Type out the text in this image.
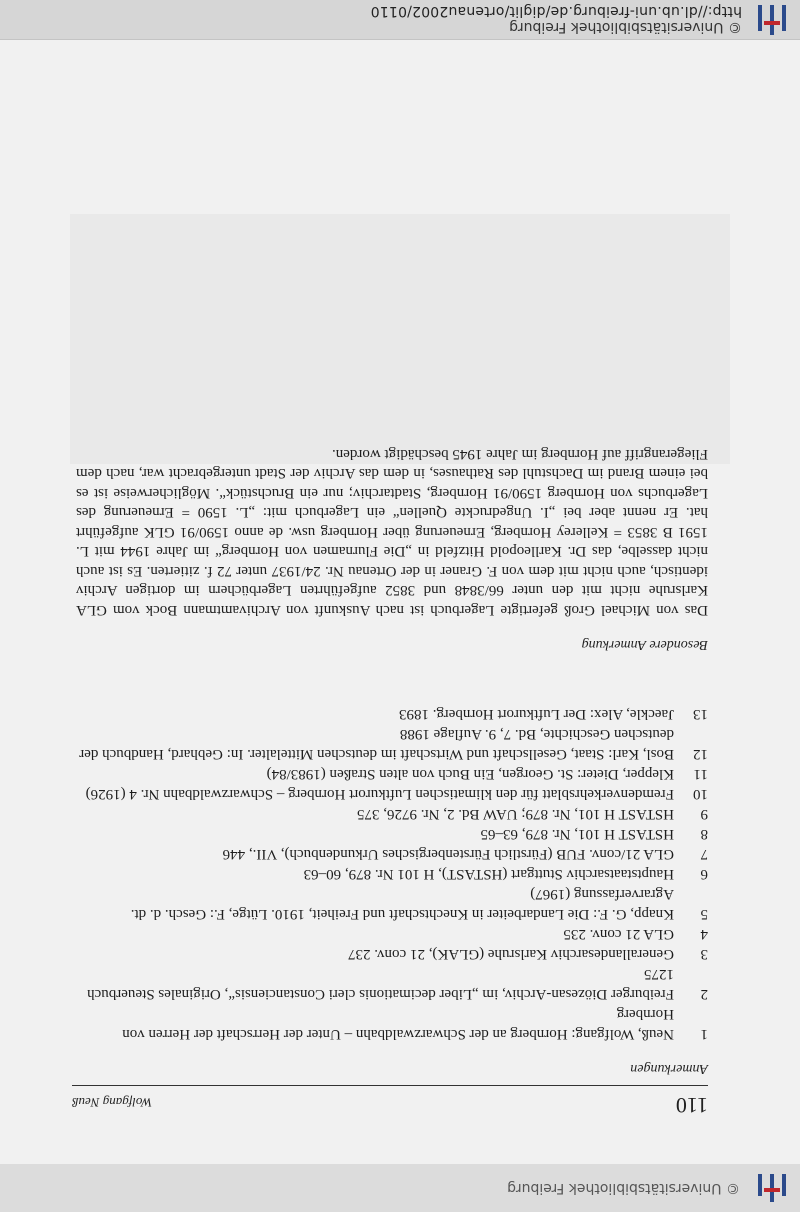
© Universitätsbibliothek Freiburg
110
Wolfgang Neuß
Anmerkungen
1
Neuß, Wolfgang: Hornberg an der Schwarzwaldbahn – Unter der Herrschaft der Herren von Hornberg
2
Freiburger Diözesan-Archiv, im „Liber decimationis cleri Constanciensis“, Originales Steuerbuch 1275
3
Generallandesarchiv Karlsruhe (GLAK), 21 conv. 237
4
GLA 21 conv. 235
5
Knapp, G. F.: Die Landarbeiter in Knechtschaft und Freiheit, 1910. Lütge, F.: Gesch. d. dt. Agrarverfassung (1967)
6
Hauptstaatsarchiv Stuttgart (HSTAST), H 101 Nr. 879, 60–63
7
GLA 21/conv. FUB (Fürstlich Fürstenbergisches Urkundenbuch), VII., 446
8
HSTAST H 101, Nr. 879, 63–65
9
HSTAST H 101, Nr. 879; UAW Bd. 2, Nr. 9726, 375
10
Fremdenverkehrsblatt für den klimatischen Luftkurort Hornberg – Schwarzwaldbahn Nr. 4 (1926)
11
Klepper, Dieter: St. Georgen, Ein Buch von alten Straßen (1983/84)
12
Bosl, Karl: Staat, Gesellschaft und Wirtschaft im deutschen Mittelalter. In: Gebhard, Handbuch der deutschen Geschichte, Bd. 7, 9. Auflage 1988
13
Jaeckle, Alex: Der Luftkurort Hornberg. 1893
Besondere Anmerkung

Das von Michael Groß gefertigte Lagerbuch ist nach Auskunft von Archivamtmann Bock vom GLA Karlsruhe nicht mit den unter 66/3848 und 3852 aufgeführten Lagerbüchern im dortigen Archiv identisch, auch nicht mit dem von F. Graner in der Ortenau Nr. 24/1937 unter 72 f. zitierten. Es ist auch nicht dasselbe, das Dr. Karlleopold Hitzfeld in „Die Flurnamen von Hornberg“ im Jahre 1944 mit L. 1591 B 3853 = Kellerey Hornberg, Erneuerung über Hornberg usw. de anno 1590/91 GLK aufgeführt hat. Er nennt aber bei „I. Ungedruckte Quellen“ ein Lagerbuch mit: „L. 1590 = Erneuerung des Lagerbuchs von Hornberg 1590/91 Hornberg, Stadtarchiv; nur ein Bruchstück“. Möglicherweise ist es bei einem Brand im Dachstuhl des Rathauses, in dem das Archiv der Stadt untergebracht war, nach dem Fliegerangriff auf Hornberg im Jahre 1945 beschädigt worden.

© Universitätsbibliothek Freiburg
http://dl.ub.uni-freiburg.de/diglit/ortenau2002/0110
